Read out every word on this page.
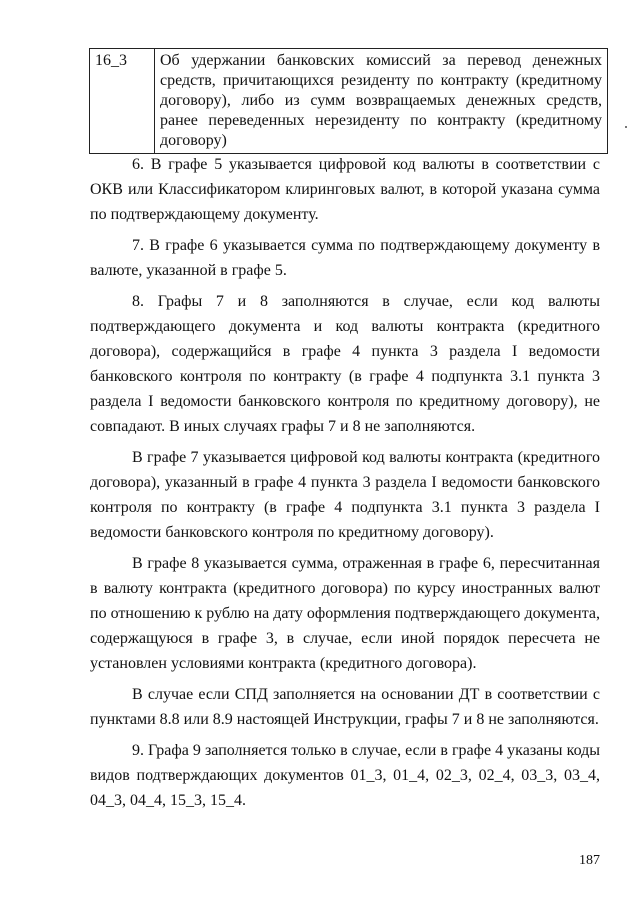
16_3	Об удержании банковских комиссий за перевод денежных средств, причитающихся резиденту по контракту (кредитному договору), либо из сумм возвращаемых денежных средств, ранее переведенных нерезиденту по контракту (кредитному договору)

6. В графе 5 указывается цифровой код валюты в соответствии с ОКВ или Классификатором клиринговых валют, в которой указана сумма по подтверждающему документу.

7. В графе 6 указывается сумма по подтверждающему документу в валюте, указанной в графе 5.

8. Графы 7 и 8 заполняются в случае, если код валюты подтверждающего документа и код валюты контракта (кредитного договора), содержащийся в графе 4 пункта 3 раздела I ведомости банковского контроля по контракту (в графе 4 подпункта 3.1 пункта 3 раздела I ведомости банковского контроля по кредитному договору), не совпадают. В иных случаях графы 7 и 8 не заполняются.

В графе 7 указывается цифровой код валюты контракта (кредитного договора), указанный в графе 4 пункта 3 раздела I ведомости банковского контроля по контракту (в графе 4 подпункта 3.1 пункта 3 раздела I ведомости банковского контроля по кредитному договору).

В графе 8 указывается сумма, отраженная в графе 6, пересчитанная в валюту контракта (кредитного договора) по курсу иностранных валют по отношению к рублю на дату оформления подтверждающего документа, содержащуюся в графе 3, в случае, если иной порядок пересчета не установлен условиями контракта (кредитного договора).

В случае если СПД заполняется на основании ДТ в соответствии с пунктами 8.8 или 8.9 настоящей Инструкции, графы 7 и 8 не заполняются.

9. Графа 9 заполняется только в случае, если в графе 4 указаны коды видов подтверждающих документов 01_3, 01_4, 02_3, 02_4, 03_3, 03_4, 04_3, 04_4, 15_3, 15_4.

187
